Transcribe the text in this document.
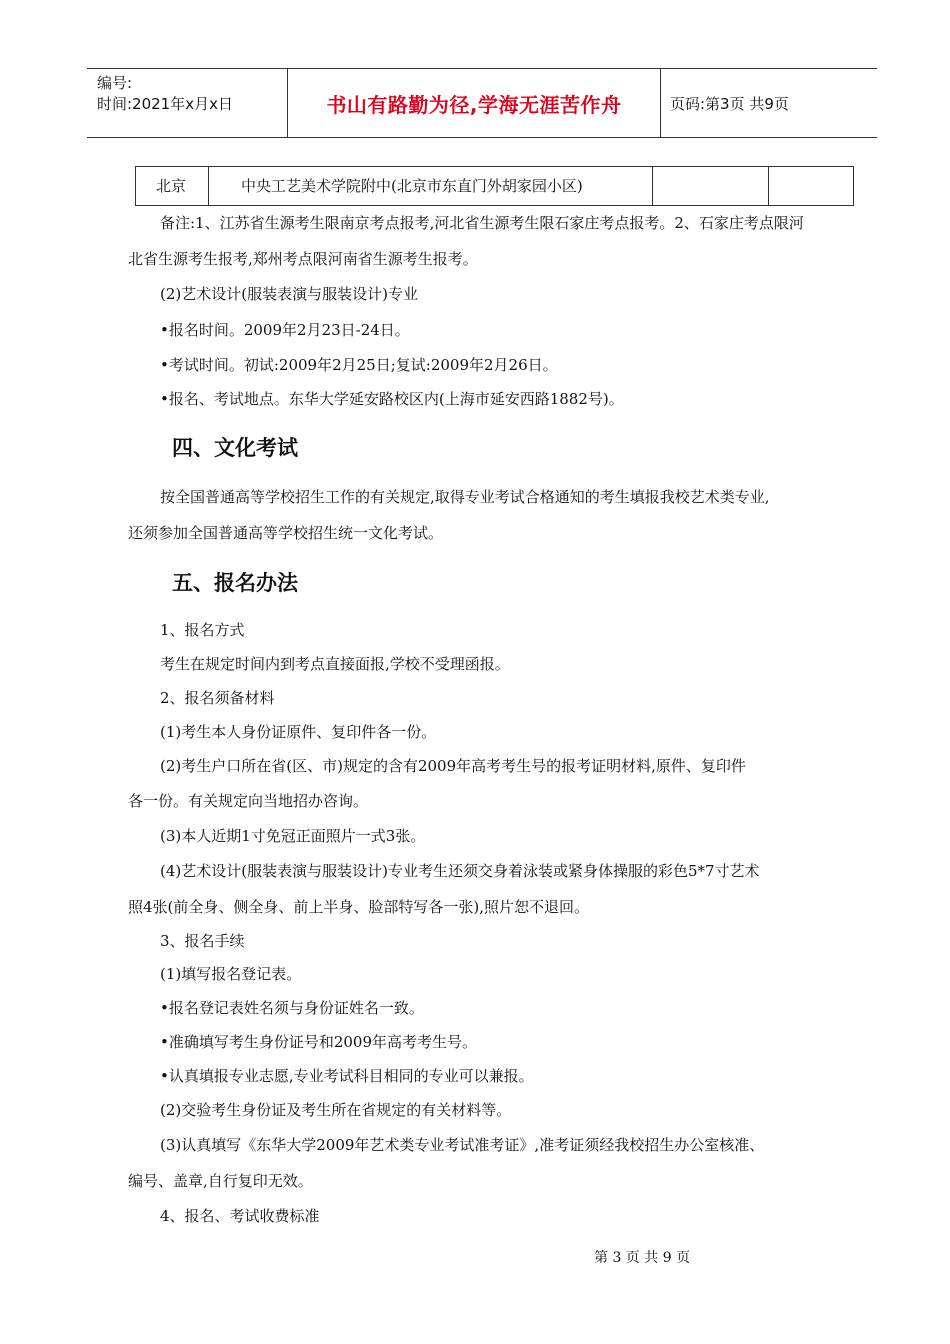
编号:
时间:2021年x月x日	书山有路勤为径,学海无涯苦作舟	页码:第3页 共9页
北京	中央工艺美术学院附中(北京市东直门外胡家园小区)

备注:1、江苏省生源考生限南京考点报考,河北省生源考生限石家庄考点报考。2、石家庄考点限河
北省生源考生报考,郑州考点限河南省生源考生报考。
(2)艺术设计(服装表演与服装设计)专业
•报名时间。2009年2月23日-24日。
•考试时间。初试:2009年2月25日;复试:2009年2月26日。
•报名、考试地点。东华大学延安路校区内(上海市延安西路1882号)。
四、文化考试
按全国普通高等学校招生工作的有关规定,取得专业考试合格通知的考生填报我校艺术类专业,
还须参加全国普通高等学校招生统一文化考试。
五、报名办法
1、报名方式
考生在规定时间内到考点直接面报,学校不受理函报。
2、报名须备材料
(1)考生本人身份证原件、复印件各一份。
(2)考生户口所在省(区、市)规定的含有2009年高考考生号的报考证明材料,原件、复印件
各一份。有关规定向当地招办咨询。
(3)本人近期1寸免冠正面照片一式3张。
(4)艺术设计(服装表演与服装设计)专业考生还须交身着泳装或紧身体操服的彩色5*7寸艺术
照4张(前全身、侧全身、前上半身、脸部特写各一张),照片恕不退回。
3、报名手续
(1)填写报名登记表。
•报名登记表姓名须与身份证姓名一致。
•准确填写考生身份证号和2009年高考考生号。
•认真填报专业志愿,专业考试科目相同的专业可以兼报。
(2)交验考生身份证及考生所在省规定的有关材料等。
(3)认真填写《东华大学2009年艺术类专业考试准考证》,准考证须经我校招生办公室核准、
编号、盖章,自行复印无效。
4、报名、考试收费标准
第 3 页 共 9 页
